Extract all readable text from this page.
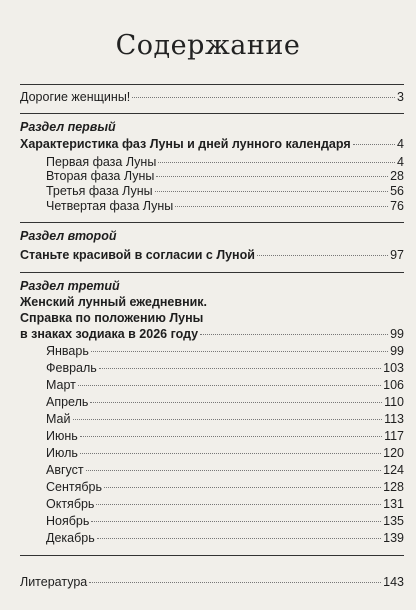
Содержание
Дорогие женщины!	3
Раздел первый
Характеристика фаз Луны и дней лунного календаря	4
Первая фаза Луны	4
Вторая фаза Луны	28
Третья фаза Луны	56
Четвертая фаза Луны	76
Раздел второй
Станьте красивой в согласии с Луной	97
Раздел третий
Женский лунный ежедневник.
Справка по положению Луны
в знаках зодиака в 2026 году	99
Январь	99
Февраль	103
Март	106
Апрель	110
Май	113
Июнь	117
Июль	120
Август	124
Сентябрь	128
Октябрь	131
Ноябрь	135
Декабрь	139
Литература	143
